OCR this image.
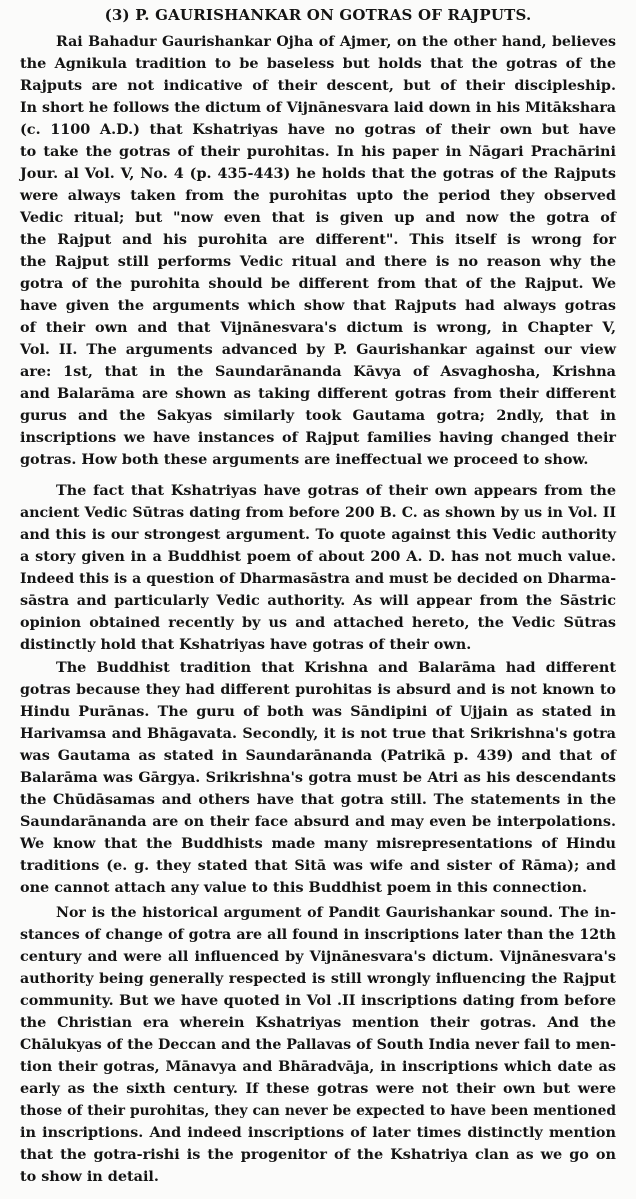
(3) P. GAURISHANKAR ON GOTRAS OF RAJPUTS.
Rai Bahadur Gaurishankar Ojha of Ajmer, on the other hand, believes
the Agnikula tradition to be baseless but holds that the gotras of the
Rajputs are not indicative of their descent, but of their discipleship.
In short he follows the dictum of Vijnānesvara laid down in his Mitākshara
(c. 1100 A.D.) that Kshatriyas have no gotras of their own but have
to take the gotras of their purohitas. In his paper in Nāgari Prachārini
Jour. al Vol. V, No. 4 (p. 435-443) he holds that the gotras of the Rajputs
were always taken from the purohitas upto the period they observed
Vedic ritual; but "now even that is given up and now the gotra of
the Rajput and his purohita are different". This itself is wrong for
the Rajput still performs Vedic ritual and there is no reason why the
gotra of the purohita should be different from that of the Rajput. We
have given the arguments which show that Rajputs had always gotras
of their own and that Vijnānesvara's dictum is wrong, in Chapter V,
Vol. II. The arguments advanced by P. Gaurishankar against our view
are: 1st, that in the Saundarānanda Kāvya of Asvaghosha, Krishna
and Balarāma are shown as taking different gotras from their different
gurus and the Sakyas similarly took Gautama gotra; 2ndly, that in
inscriptions we have instances of Rajput families having changed their
gotras. How both these arguments are ineffectual we proceed to show.
The fact that Kshatriyas have gotras of their own appears from the
ancient Vedic Sūtras dating from before 200 B. C. as shown by us in Vol. II
and this is our strongest argument. To quote against this Vedic authority
a story given in a Buddhist poem of about 200 A. D. has not much value.
Indeed this is a question of Dharmasāstra and must be decided on Dharma-
sāstra and particularly Vedic authority. As will appear from the Sāstric
opinion obtained recently by us and attached hereto, the Vedic Sūtras
distinctly hold that Kshatriyas have gotras of their own.
The Buddhist tradition that Krishna and Balarāma had different
gotras because they had different purohitas is absurd and is not known to
Hindu Purānas. The guru of both was Sāndipini of Ujjain as stated in
Harivamsa and Bhāgavata. Secondly, it is not true that Srikrishna's gotra
was Gautama as stated in Saundarānanda (Patrikā p. 439) and that of
Balarāma was Gārgya. Srikrishna's gotra must be Atri as his descendants
the Chūdāsamas and others have that gotra still. The statements in the
Saundarānanda are on their face absurd and may even be interpolations.
We know that the Buddhists made many misrepresentations of Hindu
traditions (e. g. they stated that Sitā was wife and sister of Rāma); and
one cannot attach any value to this Buddhist poem in this connection.
Nor is the historical argument of Pandit Gaurishankar sound. The in-
stances of change of gotra are all found in inscriptions later than the 12th
century and were all influenced by Vijnānesvara's dictum. Vijnānesvara's
authority being generally respected is still wrongly influencing the Rajput
community. But we have quoted in Vol .II inscriptions dating from before
the Christian era wherein Kshatriyas mention their gotras. And the
Chālukyas of the Deccan and the Pallavas of South India never fail to men-
tion their gotras, Mānavya and Bhāradvāja, in inscriptions which date as
early as the sixth century. If these gotras were not their own but were
those of their purohitas, they can never be expected to have been mentioned
in inscriptions. And indeed inscriptions of later times distinctly mention
that the gotra-rishi is the progenitor of the Kshatriya clan as we go on
to show in detail.
